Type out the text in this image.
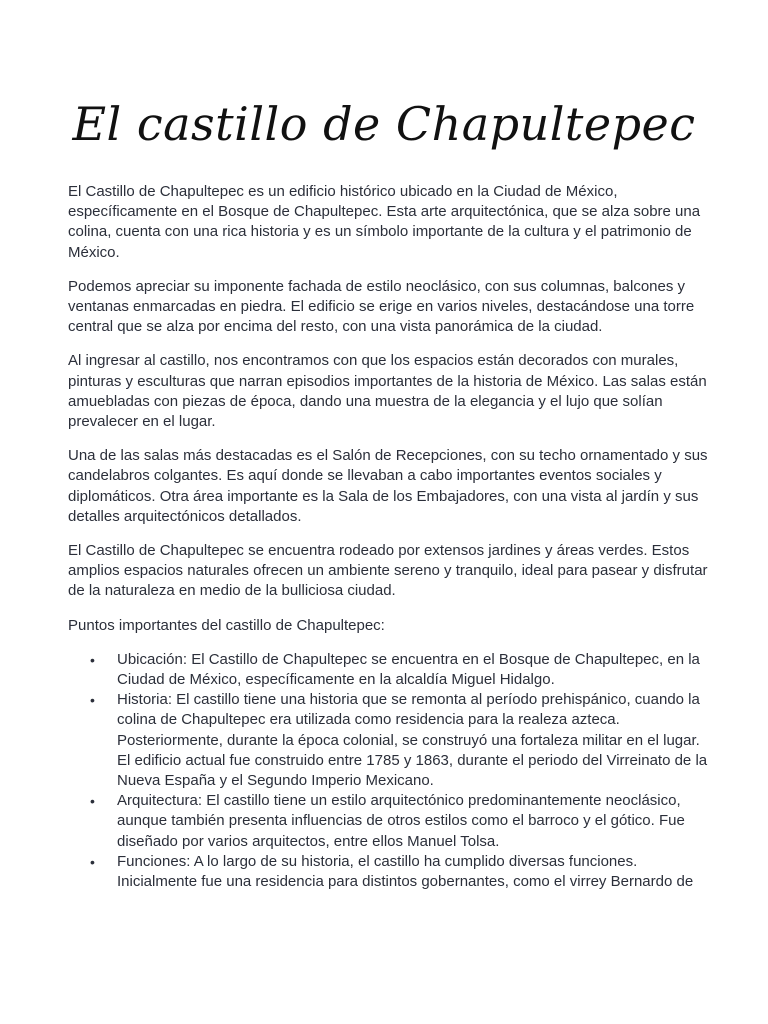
El castillo de Chapultepec

El Castillo de Chapultepec es un edificio histórico ubicado en la Ciudad de México, específicamente en el Bosque de Chapultepec. Esta arte arquitectónica, que se alza sobre una colina, cuenta con una rica historia y es un símbolo importante de la cultura y el patrimonio de México.

Podemos apreciar su imponente fachada de estilo neoclásico, con sus columnas, balcones y ventanas enmarcadas en piedra. El edificio se erige en varios niveles, destacándose una torre central que se alza por encima del resto, con una vista panorámica de la ciudad.

Al ingresar al castillo, nos encontramos con que los espacios están decorados con murales, pinturas y esculturas que narran episodios importantes de la historia de México. Las salas están amuebladas con piezas de época, dando una muestra de la elegancia y el lujo que solían prevalecer en el lugar.

Una de las salas más destacadas es el Salón de Recepciones, con su techo ornamentado y sus candelabros colgantes. Es aquí donde se llevaban a cabo importantes eventos sociales y diplomáticos. Otra área importante es la Sala de los Embajadores, con una vista al jardín y sus detalles arquitectónicos detallados.

El Castillo de Chapultepec se encuentra rodeado por extensos jardines y áreas verdes. Estos amplios espacios naturales ofrecen un ambiente sereno y tranquilo, ideal para pasear y disfrutar de la naturaleza en medio de la bulliciosa ciudad.

Puntos importantes del castillo de Chapultepec:

• Ubicación: El Castillo de Chapultepec se encuentra en el Bosque de Chapultepec, en la Ciudad de México, específicamente en la alcaldía Miguel Hidalgo.
• Historia: El castillo tiene una historia que se remonta al período prehispánico, cuando la colina de Chapultepec era utilizada como residencia para la realeza azteca. Posteriormente, durante la época colonial, se construyó una fortaleza militar en el lugar. El edificio actual fue construido entre 1785 y 1863, durante el periodo del Virreinato de la Nueva España y el Segundo Imperio Mexicano.
• Arquitectura: El castillo tiene un estilo arquitectónico predominantemente neoclásico, aunque también presenta influencias de otros estilos como el barroco y el gótico. Fue diseñado por varios arquitectos, entre ellos Manuel Tolsa.
• Funciones: A lo largo de su historia, el castillo ha cumplido diversas funciones. Inicialmente fue una residencia para distintos gobernantes, como el virrey Bernardo de
